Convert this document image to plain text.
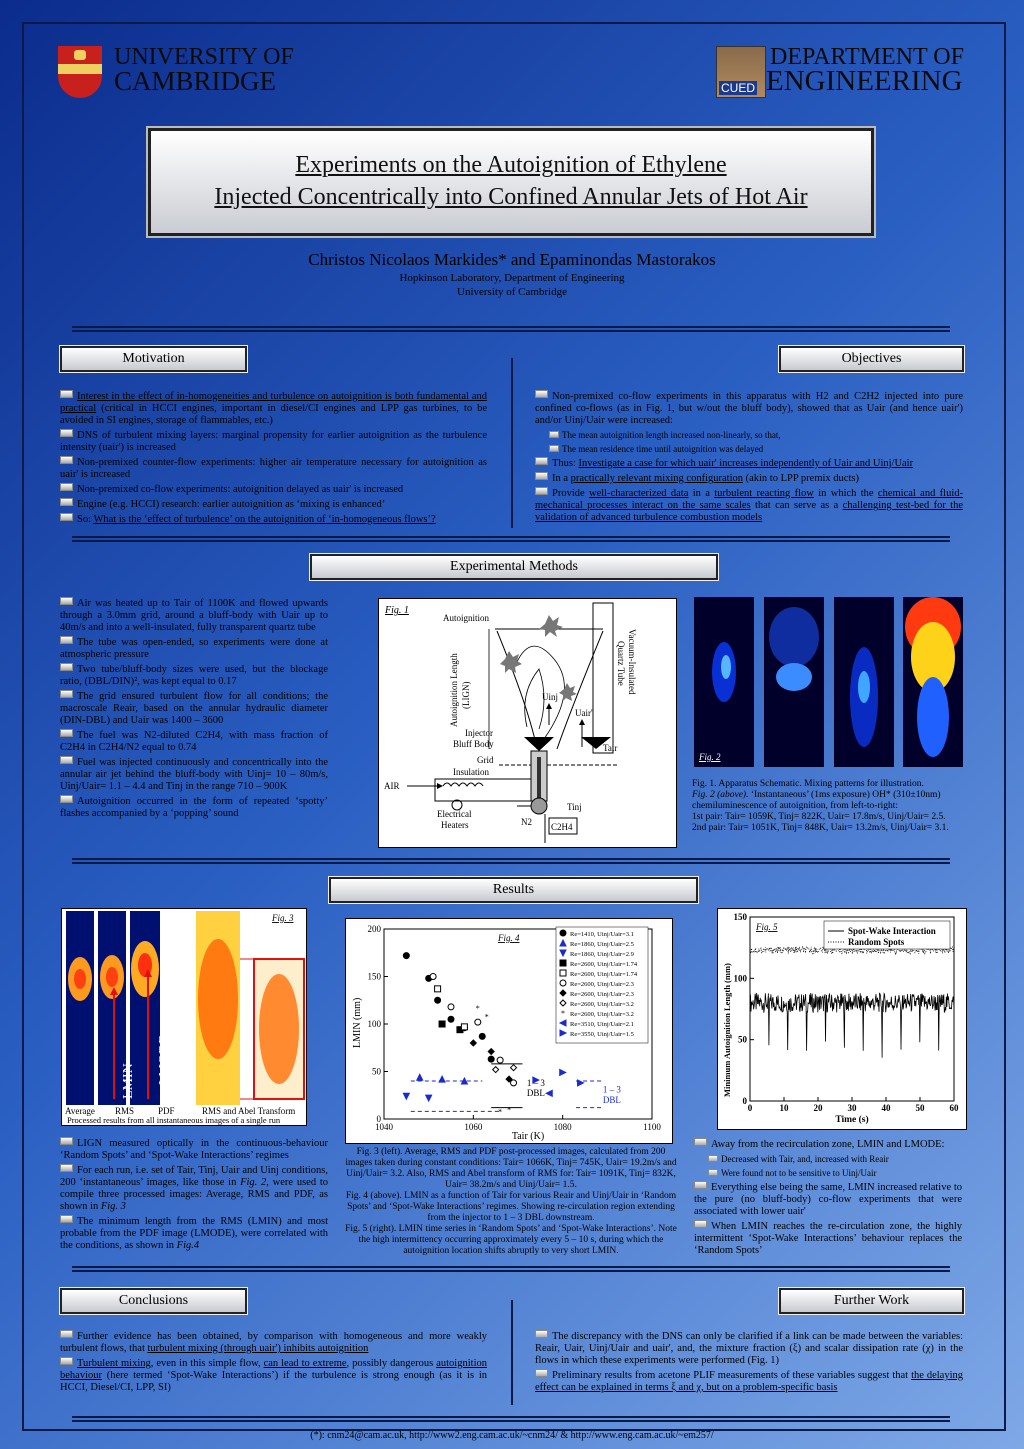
UNIVERSITY OF
CAMBRIDGE	CUED
DEPARTMENT OF
ENGINEERING
Experiments on the Autoignition of Ethylene
Injected Concentrically into Confined Annular Jets of Hot Air
Christos Nicolaos Markides* and Epaminondas Mastorakos
Hopkinson Laboratory, Department of Engineering
University of Cambridge
Motivation	Objectives

Interest in the effect of in-homogeneities and turbulence on autoignition is both fundamental and practical (critical in HCCI engines, important in diesel/CI engines and LPP gas turbines, to be avoided in SI engines, storage of flammables, etc.)

DNS of turbulent mixing layers: marginal propensity for earlier autoignition as the turbulence intensity (uair') is increased

Non-premixed counter-flow experiments: higher air temperature necessary for autoignition as uair' is increased

Non-premixed co-flow experiments: autoignition delayed as uair' is increased

Engine (e.g. HCCI) research: earlier autoignition as ‘mixing is enhanced’

So: What is the ‘effect of turbulence’ on the autoignition of ‘in-homogeneous flows’?

Non-premixed co-flow experiments in this apparatus with H2 and C2H2 injected into pure confined co-flows (as in Fig. 1, but w/out the bluff body), showed that as Uair (and hence uair') and/or Uinj/Uair were increased:

The mean autoignition length increased non-linearly, so that,

The mean residence time until autoignition was delayed

Thus: Investigate a case for which uair' increases independently of Uair and Uinj/Uair

In a practically relevant mixing configuration (akin to LPP premix ducts)

Provide well-characterized data in a turbulent reacting flow in which the chemical and fluid-mechanical processes interact on the same scales that can serve as a challenging test-bed for the validation of advanced turbulence combustion models

Experimental Methods

Air was heated up to Tair of 1100K and flowed upwards through a 3.0mm grid, around a bluff-body with Uair up to 40m/s and into a well-insulated, fully transparent quartz tube

The tube was open-ended, so experiments were done at atmospheric pressure

Two tube/bluff-body sizes were used, but the blockage ratio, (DBL/DIN)², was kept equal to 0.17

The grid ensured turbulent flow for all conditions; the macroscale Reair, based on the annular hydraulic diameter (DIN-DBL) and Uair was 1400 – 3600

The fuel was N2-diluted C2H4, with mass fraction of C2H4 in C2H4/N2 equal to 0.74

Fuel was injected continuously and concentrically into the annular air jet behind the bluff-body with Uinj= 10 – 80m/s, Uinj/Uair= 1.1 – 4.4 and Tinj in the range 710 – 900K

Autoignition occurred in the form of repeated ‘spotty’ flashes accompanied by a ‘popping’ sound

Fig. 1
Autoignition
Autoignition Length (LIGN)	Uinj
Uair'
Vacuum-Insulated
Quartz Tube
Tair
Injector
Bluff Body
Grid
Insulation
AIR
Electrical
Heaters
Tinj
N2 C2H4
Fig. 2
Fig. 1. Apparatus Schematic. Mixing patterns for illustration.
Fig. 2 (above). ‘Instantaneous’ (1ms exposure) OH* (310±10nm) chemiluminescence of autoignition, from left-to-right:
1st pair: Tair= 1059K, Tinj= 822K, Uair= 17.8m/s, Uinj/Uair= 2.5.
2nd pair: Tair= 1051K, Tinj= 848K, Uair= 13.2m/s, Uinj/Uair= 3.1.
Results
LMIN LMODE
Fig. 3
Average RMS	PDF	RMS and Abel Transform
Processed results from all instantaneous images of a single run
1040	1060	1080	1100
0
50
100
150
200
Tair (K)
LMIN (mm)
Fig. 4
*
*
* *
1 – 3
DBL	1 – 3
DBL
Re=1410, Uinj/Uair=3.1
Re=1860, Uinj/Uair=2.5
Re=1860, Uinj/Uair=2.9
Re=2600, Uinj/Uair=1.74
Re=2600, Uinj/Uair=1.74
Re=2600, Uinj/Uair=2.3
Re=2600, Uinj/Uair=2.3
Re=2600, Uinj/Uair=3.2
* Re=2600, Uinj/Uair=3.2
Re=3510, Uinj/Uair=2.1
Re=3550, Uinj/Uair=1.5
0	10	20	30	40	50	60
0
50
100
150
Time (s)
Minimum Autoignition Length (mm)
Fig. 5	Spot-Wake Interaction
Random Spots

LIGN measured optically in the continuous-behaviour ‘Random Spots’ and ‘Spot-Wake Interactions’ regimes

For each run, i.e. set of Tair, Tinj, Uair and Uinj conditions, 200 ‘instantaneous’ images, like those in Fig. 2, were used to compile three processed images: Average, RMS and PDF, as shown in Fig. 3

The minimum length from the RMS (LMIN) and most probable from the PDF image (LMODE), were correlated with the conditions, as shown in Fig.4

Fig. 3 (left). Average, RMS and PDF post-processed images, calculated from 200 images taken during constant conditions: Tair= 1066K, Tinj= 745K, Uair= 19.2m/s and Uinj/Uair= 3.2. Also, RMS and Abel transform of RMS for: Tair= 1091K, Tinj= 832K, Uair= 38.2m/s and Uinj/Uair= 1.5.
Fig. 4 (above). LMIN as a function of Tair for various Reair and Uinj/Uair in ‘Random Spots’ and ‘Spot-Wake Interactions’ regimes. Showing re-circulation region extending from the injector to 1 – 3 DBL downstream.
Fig. 5 (right). LMIN time series in ‘Random Spots’ and ‘Spot-Wake Interactions’. Note the high intermittency occurring approximately every 5 – 10 s, during which the autoignition location shifts abruptly to very short LMIN.

Away from the recirculation zone, LMIN and LMODE:

Decreased with Tair, and, increased with Reair

Were found not to be sensitive to Uinj/Uair

Everything else being the same, LMIN increased relative to the pure (no bluff-body) co-flow experiments that were associated with lower uair'

When LMIN reaches the re-circulation zone, the highly intermittent ‘Spot-Wake Interactions’ behaviour replaces the ‘Random Spots’

Conclusions	Further Work

Further evidence has been obtained, by comparison with homogeneous and more weakly turbulent flows, that turbulent mixing (through uair') inhibits autoignition

Turbulent mixing, even in this simple flow, can lead to extreme, possibly dangerous autoignition behaviour (here termed ‘Spot-Wake Interactions’) if the turbulence is strong enough (as it is in HCCI, Diesel/CI, LPP, SI)

The discrepancy with the DNS can only be clarified if a link can be made between the variables: Reair, Uair, Uinj/Uair and uair', and, the mixture fraction (ξ) and scalar dissipation rate (χ) in the flows in which these experiments were performed (Fig. 1)

Preliminary results from acetone PLIF measurements of these variables suggest that the delaying effect can be explained in terms ξ and χ, but on a problem-specific basis

(*): cnm24@cam.ac.uk, http://www2.eng.cam.ac.uk/~cnm24/ & http://www.eng.cam.ac.uk/~em257/
